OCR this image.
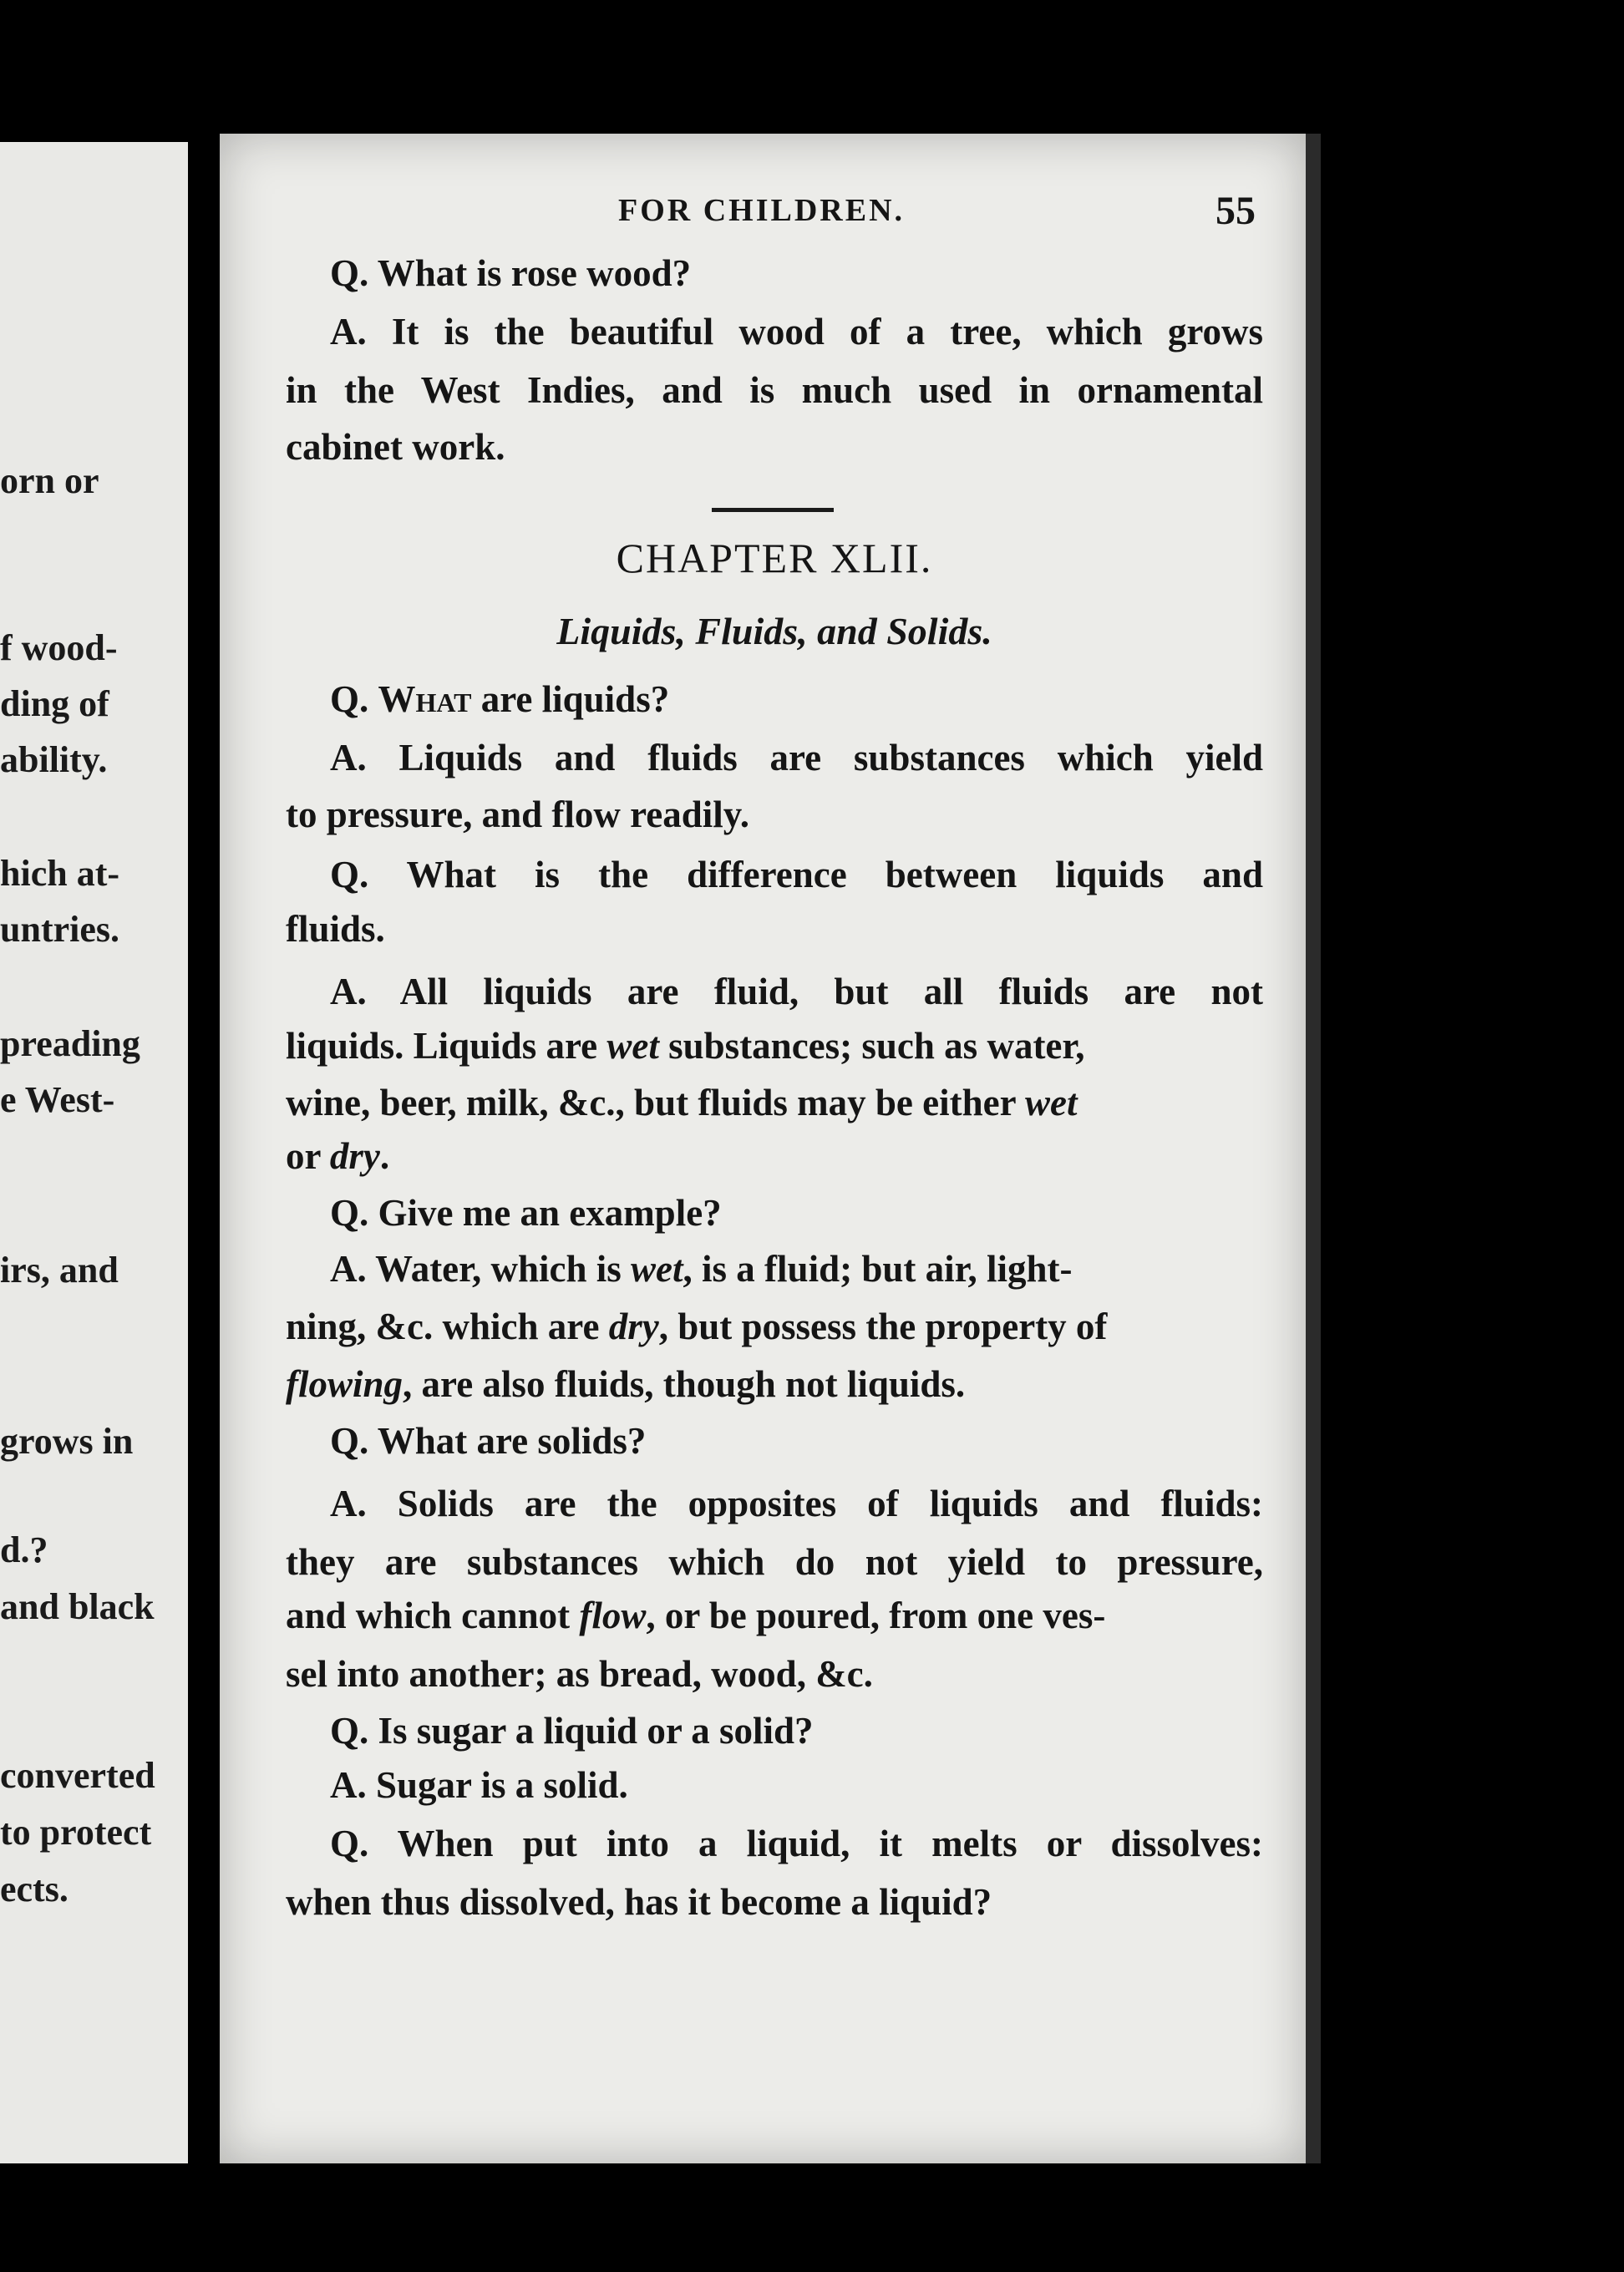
orn or
f wood-
ding of
ability.
hich at-
untries.
preading
e West-
irs, and
grows in
d.?
and black
converted
to protect
ects.
FOR CHILDREN.	55
Q. What is rose wood?
A. It is the beautiful wood of a tree, which grows
in the West Indies, and is much used in ornamental
cabinet work.
CHAPTER XLII.
Liquids, Fluids, and Solids.
Q. What are liquids?
A. Liquids and fluids are substances which yield
to pressure, and flow readily.
Q. What is the difference between liquids and
fluids.
A. All liquids are fluid, but all fluids are not
liquids. Liquids are wet substances; such as water,
wine, beer, milk, &c., but fluids may be either wet
or dry.
Q. Give me an example?
A. Water, which is wet, is a fluid; but air, light-
ning, &c. which are dry, but possess the property of
flowing, are also fluids, though not liquids.
Q. What are solids?
A. Solids are the opposites of liquids and fluids:
they are substances which do not yield to pressure,
and which cannot flow, or be poured, from one ves-
sel into another; as bread, wood, &c.
Q. Is sugar a liquid or a solid?
A. Sugar is a solid.
Q. When put into a liquid, it melts or dissolves:
when thus dissolved, has it become a liquid?
